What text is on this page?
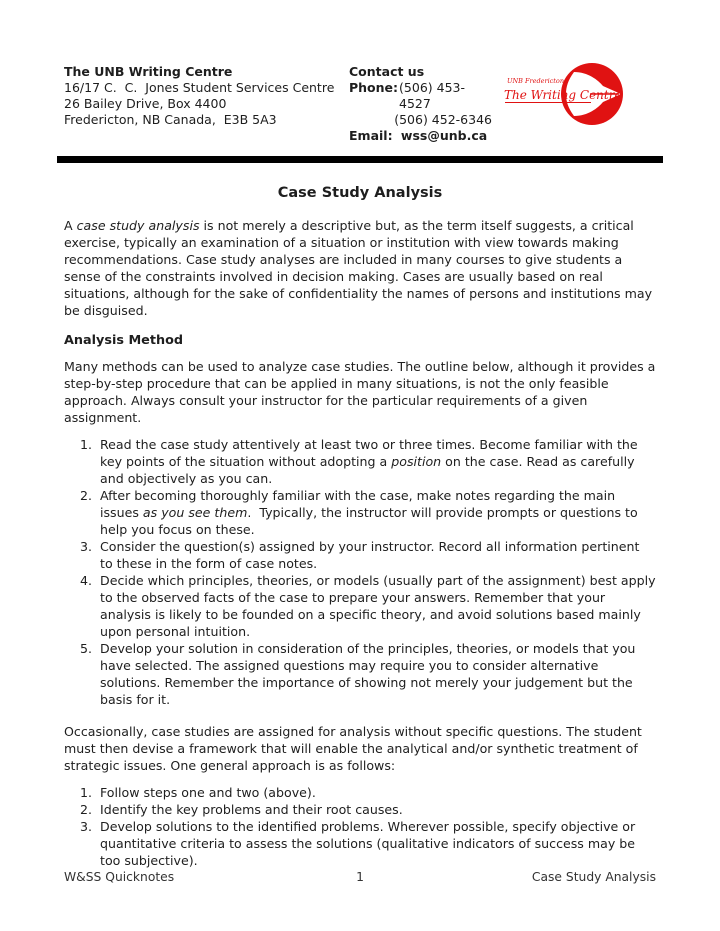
The UNB Writing Centre
16/17 C.  C.  Jones Student Services Centre
26 Bailey Drive, Box 4400
Fredericton, NB Canada,  E3B 5A3
Contact us
Phone: (506) 453-4527
(506) 452-6346
Email: wss@unb.ca
UNB Fredericton
The Writing Centre
Case Study Analysis

A case study analysis is not merely a descriptive but, as the term itself suggests, a critical exercise, typically an examination of a situation or institution with view towards making recommendations. Case study analyses are included in many courses to give students a sense of the constraints involved in decision making. Cases are usually based on real situations, although for the sake of confidentiality the names of persons and institutions may be disguised.

Analysis Method

Many methods can be used to analyze case studies. The outline below, although it provides a step-by-step procedure that can be applied in many situations, is not the only feasible approach. Always consult your instructor for the particular requirements of a given assignment.

1. Read the case study attentively at least two or three times. Become familiar with the key points of the situation without adopting a position on the case. Read as carefully and objectively as you can.
2. After becoming thoroughly familiar with the case, make notes regarding the main issues as you see them.  Typically, the instructor will provide prompts or questions to help you focus on these.
3. Consider the question(s) assigned by your instructor. Record all information pertinent to these in the form of case notes.
4. Decide which principles, theories, or models (usually part of the assignment) best apply to the observed facts of the case to prepare your answers. Remember that your analysis is likely to be founded on a specific theory, and avoid solutions based mainly upon personal intuition.
5. Develop your solution in consideration of the principles, theories, or models that you have selected. The assigned questions may require you to consider alternative solutions. Remember the importance of showing not merely your judgement but the basis for it.

Occasionally, case studies are assigned for analysis without specific questions. The student must then devise a framework that will enable the analytical and/or synthetic treatment of strategic issues. One general approach is as follows:

1. Follow steps one and two (above).
2. Identify the key problems and their root causes.
3. Develop solutions to the identified problems. Wherever possible, specify objective or quantitative criteria to assess the solutions (qualitative indicators of success may be too subjective).
W&SS Quicknotes	1	Case Study Analysis
